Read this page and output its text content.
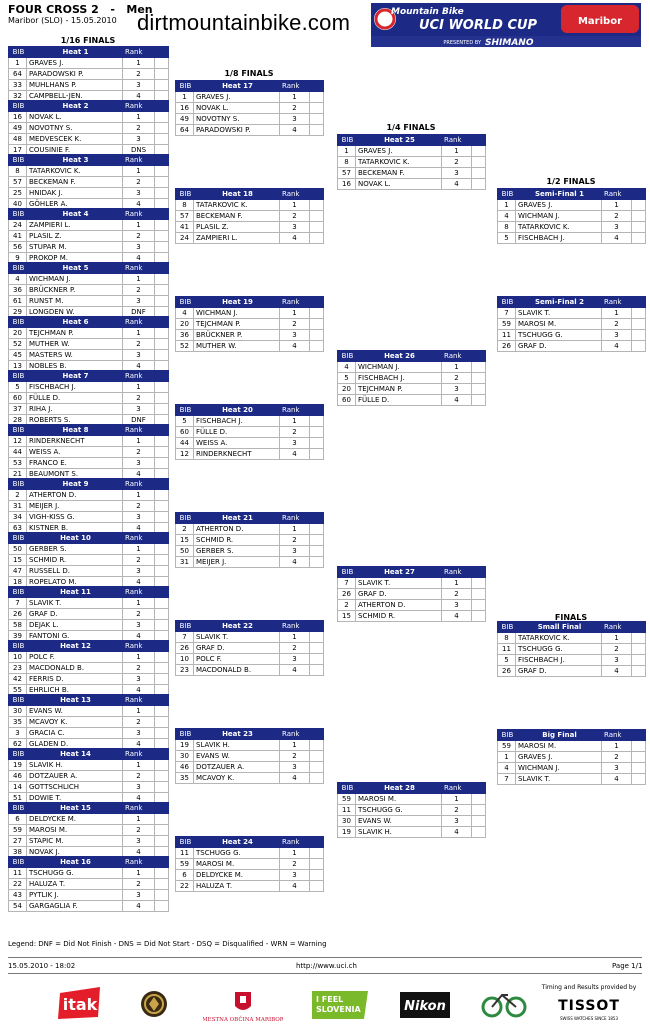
FOUR CROSS 2   -   Men
Maribor (SLO) - 15.05.2010 dirtmountainbike.com	Mountain Bike
UCI WORLD CUP	Maribor
PRESENTED BY SHIMANO
1/16 FINALS
BIB	Heat 1	Rank	
1	GRAVES J.	1	
64	PARADOWSKI P.	2	
33	MUHLHANS P.	3	
32	CAMPBELL-JEN.	4	
BIB	Heat 2	Rank	
16	NOVAK L.	1	
49	NOVOTNY S.	2	
48	MEDVESCEK K.	3	
17	COUSINIE F.	DNS	
BIB	Heat 3	Rank	
8	TATARKOVIC K.	1	
57	BECKEMAN F.	2	
25	HNIDAK J.	3	
40	GÖHLER A.	4	
BIB	Heat 4	Rank	
24	ZAMPIERI L.	1	
41	PLASIL Z.	2	
56	STUPAR M.	3	
9	PROKOP M.	4	
BIB	Heat 5	Rank	
4	WICHMAN J.	1	
36	BRÜCKNER P.	2	
61	RUNST M.	3	
29	LONGDEN W.	DNF	
BIB	Heat 6	Rank	
20	TEJCHMAN P.	1	
52	MUTHER W.	2	
45	MASTERS W.	3	
13	NOBLES B.	4	
BIB	Heat 7	Rank	
5	FISCHBACH J.	1	
60	FÜLLE D.	2	
37	RIHA J.	3	
28	ROBERTS S.	DNF	
BIB	Heat 8	Rank	
12	RINDERKNECHT	1	
44	WEISS A.	2	
53	FRANCO E.	3	
21	BEAUMONT S.	4	
BIB	Heat 9	Rank	
2	ATHERTON D.	1	
31	MEIJER J.	2	
34	VIGH-KISS G.	3	
63	KISTNER B.	4	
BIB	Heat 10	Rank	
50	GERBER S.	1	
15	SCHMID R.	2	
47	RUSSELL D.	3	
18	ROPELATO M.	4	
BIB	Heat 11	Rank	
7	SLAVIK T.	1	
26	GRAF D.	2	
58	DEJAK L.	3	
39	FANTONI G.	4	
BIB	Heat 12	Rank	
10	POLC F.	1	
23	MACDONALD B.	2	
42	FERRIS D.	3	
55	EHRLICH B.	4	
BIB	Heat 13	Rank	
30	EVANS W.	1	
35	MCAVOY K.	2	
3	GRACIA C.	3	
62	GLADEN D.	4	
BIB	Heat 14	Rank	
19	SLAVIK H.	1	
46	DOTZAUER A.	2	
14	GOTTSCHLICH	3	
51	DOWIE T.	4	
BIB	Heat 15	Rank	
6	DELDYCKE M.	1	
59	MAROSI M.	2	
27	STAPIC M.	3	
38	NOVAK J.	4	
BIB	Heat 16	Rank	
11	TSCHUGG G.	1	
22	HALUZA T.	2	
43	PYTLIK J.	3	
54	GARGAGLIA F.	4	
1/8 FINALS
BIB	Heat 17	Rank	
1	GRAVES J.	1	
16	NOVAK L.	2	
49	NOVOTNY S.	3	
64	PARADOWSKI P.	4	
BIB	Heat 18	Rank	
8	TATARKOVIC K.	1	
57	BECKEMAN F.	2	
41	PLASIL Z.	3	
24	ZAMPIERI L.	4	
BIB	Heat 19	Rank	
4	WICHMAN J.	1	
20	TEJCHMAN P.	2	
36	BRÜCKNER P.	3	
52	MUTHER W.	4	
BIB	Heat 20	Rank	
5	FISCHBACH J.	1	
60	FÜLLE D.	2	
44	WEISS A.	3	
12	RINDERKNECHT	4	
BIB	Heat 21	Rank	
2	ATHERTON D.	1	
15	SCHMID R.	2	
50	GERBER S.	3	
31	MEIJER J.	4	
BIB	Heat 22	Rank	
7	SLAVIK T.	1	
26	GRAF D.	2	
10	POLC F.	3	
23	MACDONALD B.	4	
BIB	Heat 23	Rank	
19	SLAVIK H.	1	
30	EVANS W.	2	
46	DOTZAUER A.	3	
35	MCAVOY K.	4	
BIB	Heat 24	Rank	
11	TSCHUGG G.	1	
59	MAROSI M.	2	
6	DELDYCKE M.	3	
22	HALUZA T.	4	
1/4 FINALS
BIB	Heat 25	Rank	
1	GRAVES J.	1	
8	TATARKOVIC K.	2	
57	BECKEMAN F.	3	
16	NOVAK L.	4	
BIB	Heat 26	Rank	
4	WICHMAN J.	1	
5	FISCHBACH J.	2	
20	TEJCHMAN P.	3	
60	FÜLLE D.	4	
BIB	Heat 27	Rank	
7	SLAVIK T.	1	
26	GRAF D.	2	
2	ATHERTON D.	3	
15	SCHMID R.	4	
BIB	Heat 28	Rank	
59	MAROSI M.	1	
11	TSCHUGG G.	2	
30	EVANS W.	3	
19	SLAVIK H.	4	
1/2 FINALS
BIB	Semi-Final 1	Rank	
1	GRAVES J.	1	
4	WICHMAN J.	2	
8	TATARKOVIC K.	3	
5	FISCHBACH J.	4	
BIB	Semi-Final 2	Rank	
7	SLAVIK T.	1	
59	MAROSI M.	2	
11	TSCHUGG G.	3	
26	GRAF D.	4	
FINALS
BIB	Small Final	Rank	
8	TATARKOVIC K.	1	
11	TSCHUGG G.	2	
5	FISCHBACH J.	3	
26	GRAF D.	4	
BIB	Big Final	Rank	
59	MAROSI M.	1	
1	GRAVES J.	2	
4	WICHMAN J.	3	
7	SLAVIK T.	4	
Legend: DNF = Did Not Finish - DNS = Did Not Start - DSQ = Disqualified - WRN = Warning
15.05.2010 - 18:02	http://www.uci.ch	Page 1/1
itak
MESTNA OBČINA MARIBOR
I FEEL
SLOVENIA	Nikon
Timing and Results provided by
TISSOT
SWISS WATCHES SINCE 1853
